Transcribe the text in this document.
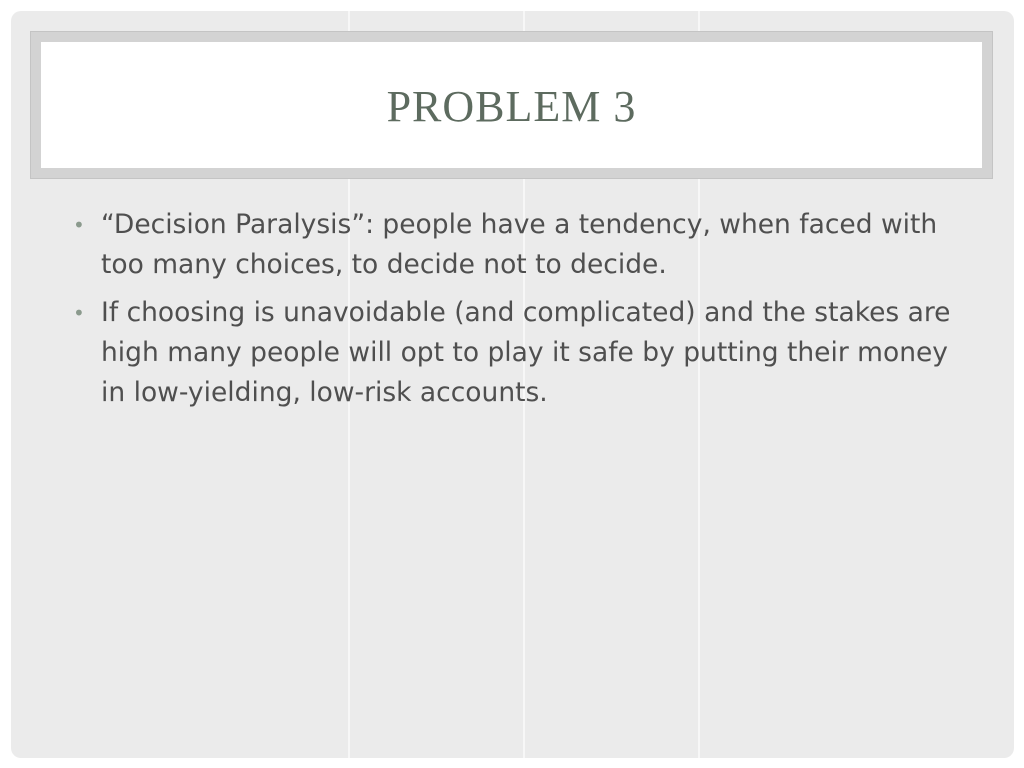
PROBLEM 3
• “Decision Paralysis”: people have a tendency, when faced with too many choices, to decide not to decide.
• If choosing is unavoidable (and complicated) and the stakes are high many people will opt to play it safe by putting their money in low-yielding, low-risk accounts.
